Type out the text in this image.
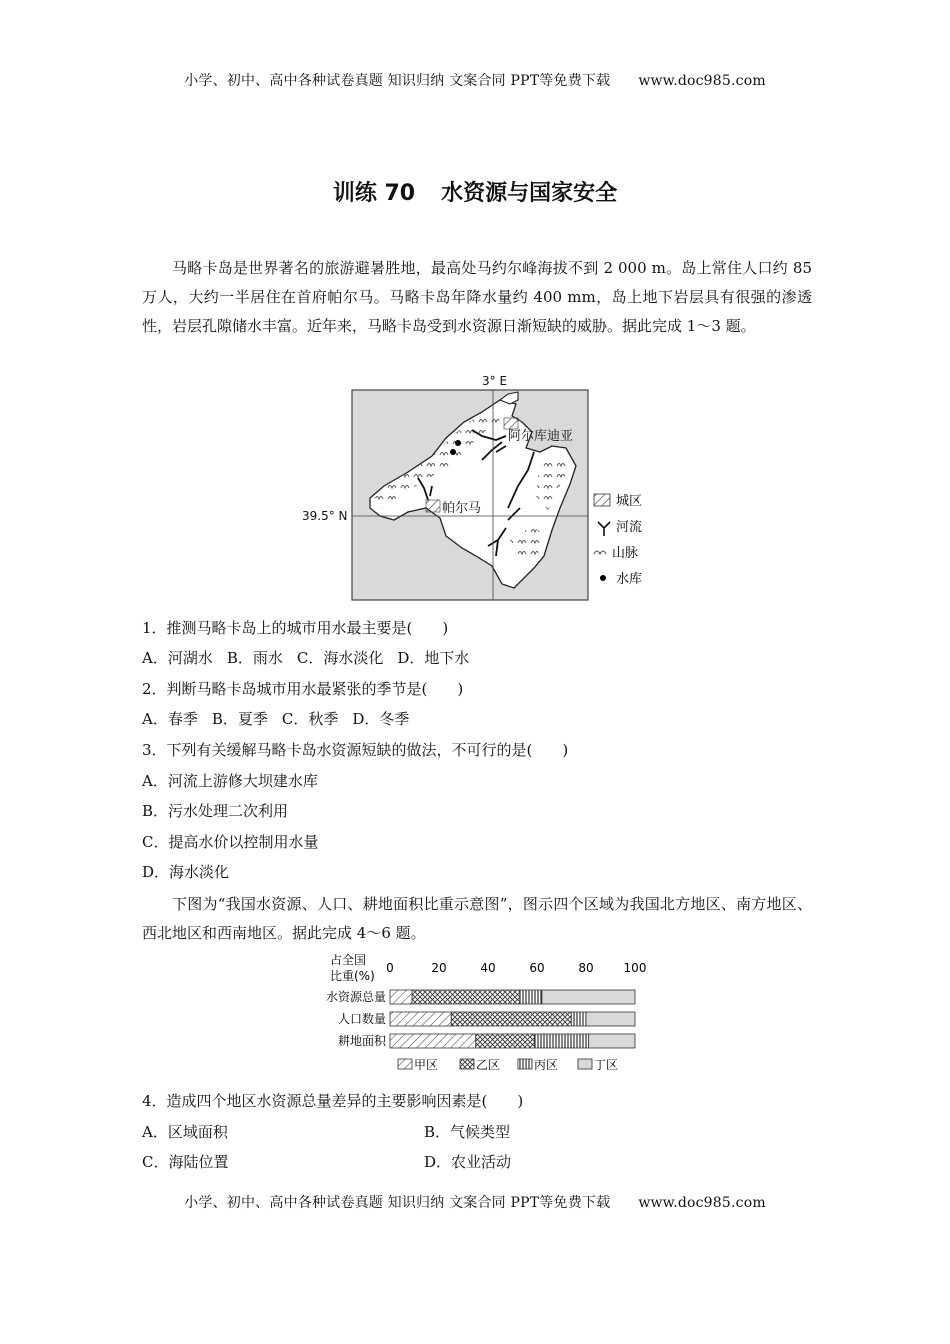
小学、初中、高中各种试卷真题 知识归纳 文案合同 PPT等免费下载 www.doc985.com
训练 70 水资源与国家安全

马略卡岛是世界著名的旅游避暑胜地，最高处马约尔峰海拔不到 2 000 m。岛上常住人口约 85 万人，大约一半居住在首府帕尔马。马略卡岛年降水量约 400 mm，岛上地下岩层具有很强的渗透性，岩层孔隙储水丰富。近年来，马略卡岛受到水资源日渐短缺的威胁。据此完成 1～3 题。

3° E
39.5° N
阿尔库迪亚
帕尔马	城区
河流
山脉
水库
1．推测马略卡岛上的城市用水最主要是( )
A．河湖水 B．雨水 C．海水淡化 D．地下水
2．判断马略卡岛城市用水最紧张的季节是( )
A．春季 B．夏季 C．秋季 D．冬季
3．下列有关缓解马略卡岛水资源短缺的做法，不可行的是( )
A．河流上游修大坝建水库
B．污水处理二次利用
C．提高水价以控制用水量
D．海水淡化

下图为“我国水资源、人口、耕地面积比重示意图”，图示四个区域为我国北方地区、南方地区、西北地区和西南地区。据此完成 4～6 题。

占全国
比重(%)
0	20	40	60	80 100
水资源总量
人口数量
耕地面积
甲区	乙区	丙区	丁区
4．造成四个地区水资源总量差异的主要影响因素是( )
A．区域面积	B．气候类型
C．海陆位置	D．农业活动
小学、初中、高中各种试卷真题 知识归纳 文案合同 PPT等免费下载 www.doc985.com
